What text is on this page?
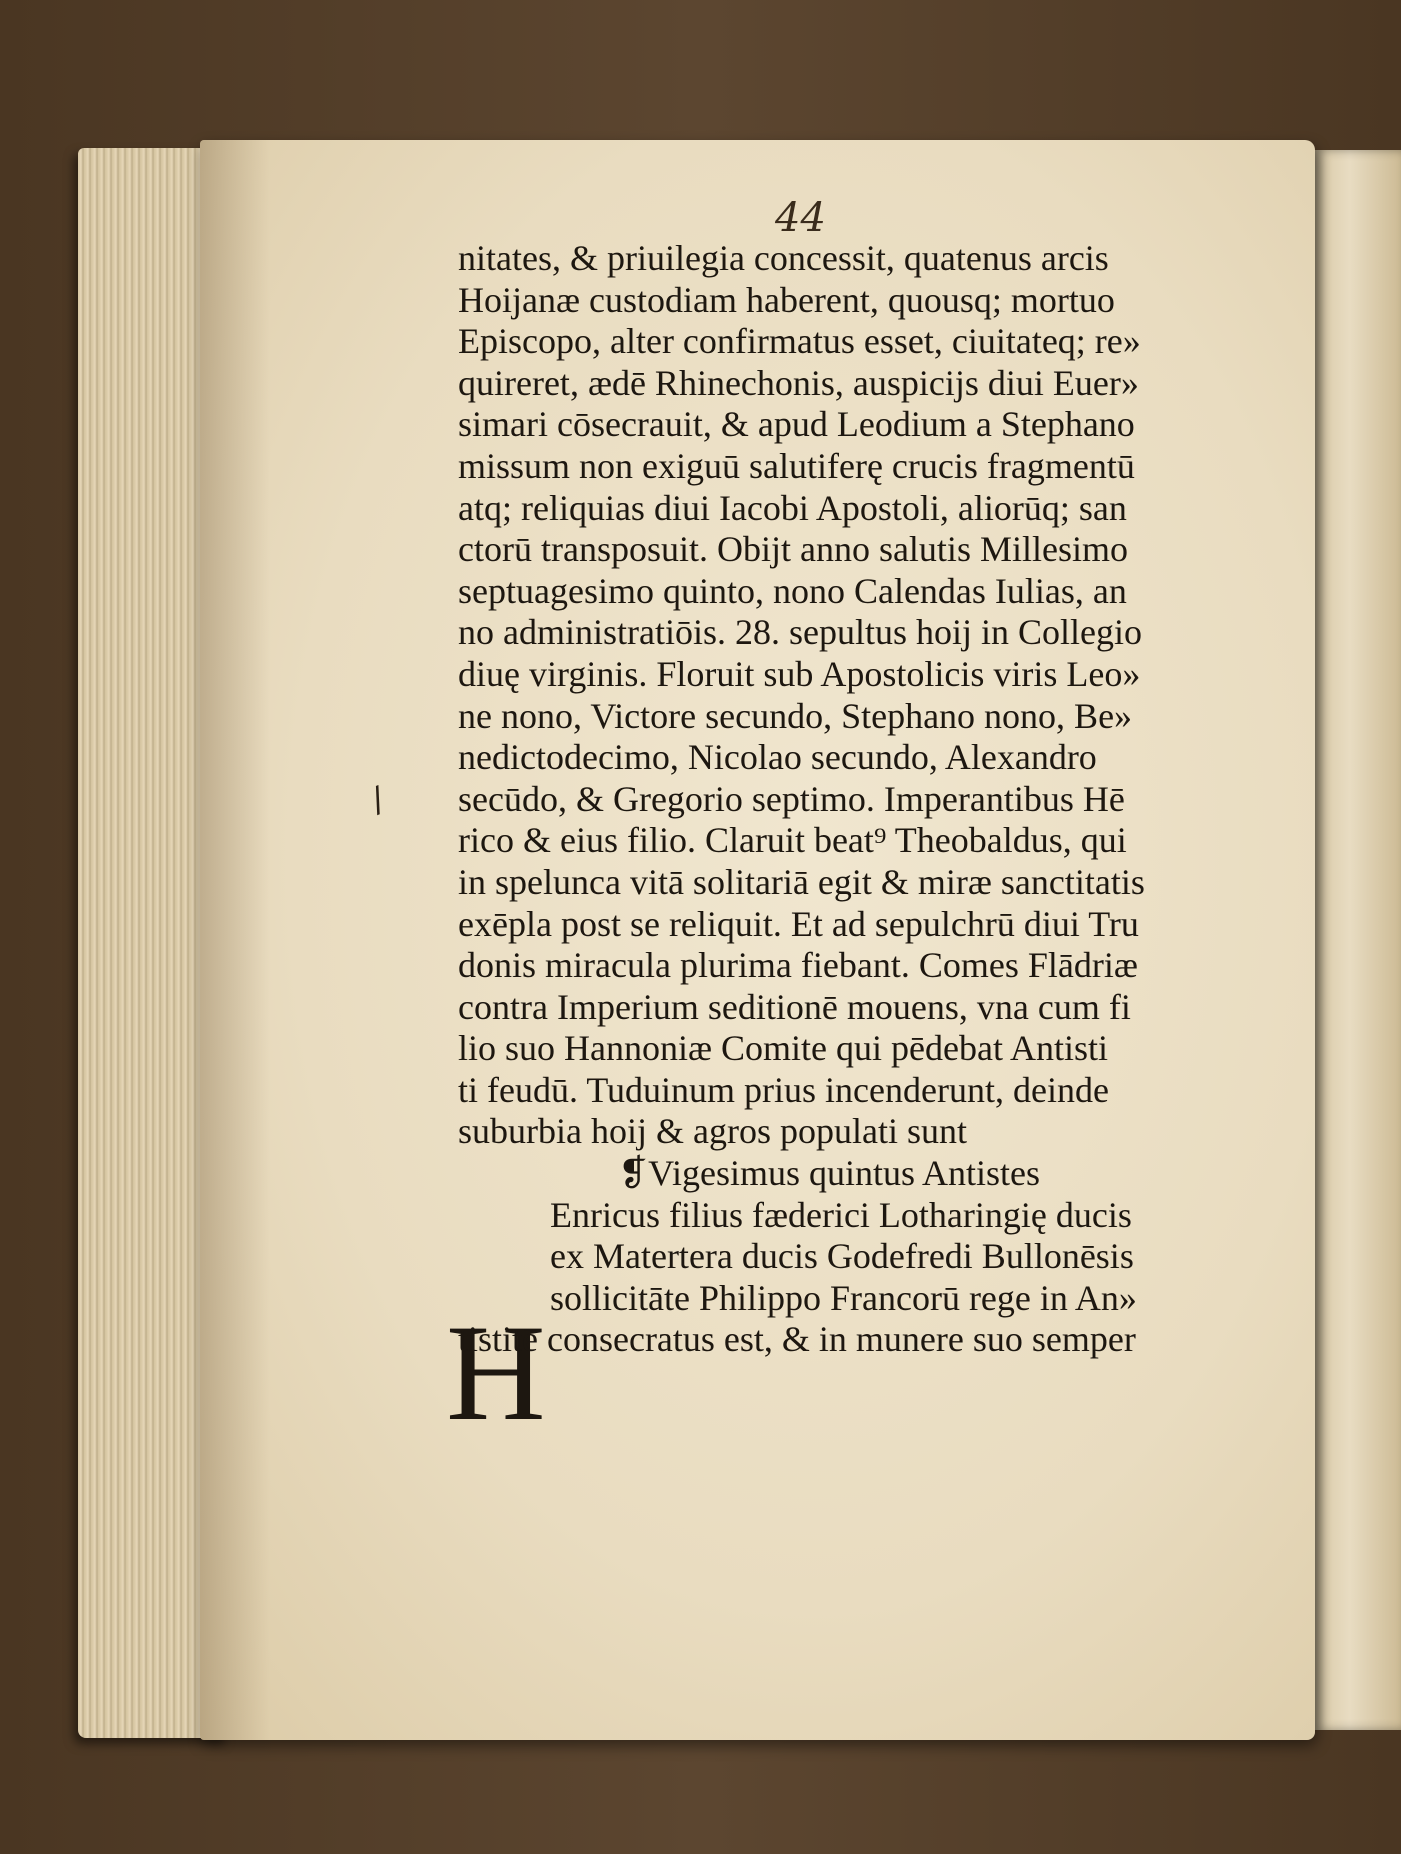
44
H
nitates, & priuilegia concessit, quatenus arcis
Hoijanæ custodiam haberent, quousq; mortuo
Episcopo, alter confirmatus esset, ciuitateq; re»
quireret, ædē Rhinechonis, auspicijs diui Euer»
simari cōsecrauit, & apud Leodium a Stephano
missum non exiguū salutiferę crucis fragmentū
atq; reliquias diui Iacobi Apostoli, aliorūq; san
ctorū transposuit. Obijt anno salutis Millesimo
septuagesimo quinto, nono Calendas Iulias, an
no administratiōis. 28. sepultus hoij in Collegio
diuę virginis. Floruit sub Apostolicis viris Leo»
ne nono, Victore secundo, Stephano nono, Be»
nedictodecimo, Nicolao secundo, Alexandro
secūdo, & Gregorio septimo. Imperantibus Hē
rico & eius filio. Claruit beat⁹ Theobaldus, qui
in spelunca vitā solitariā egit & miræ sanctitatis
exēpla post se reliquit. Et ad sepulchrū diui Tru
donis miracula plurima fiebant. Comes Flādriæ
contra Imperium seditionē mouens, vna cum fi
lio suo Hannoniæ Comite qui pēdebat Antisti
ti feudū. Tuduinum prius incenderunt, deinde
suburbia hoij & agros populati sunt
❡Vigesimus quintus Antistes
Enricus filius fæderici Lotharingię ducis
ex Matertera ducis Godefredi Bullonēsis
sollicitāte Philippo Francorū rege in An»
tistitē consecratus est, & in munere suo semper
/
